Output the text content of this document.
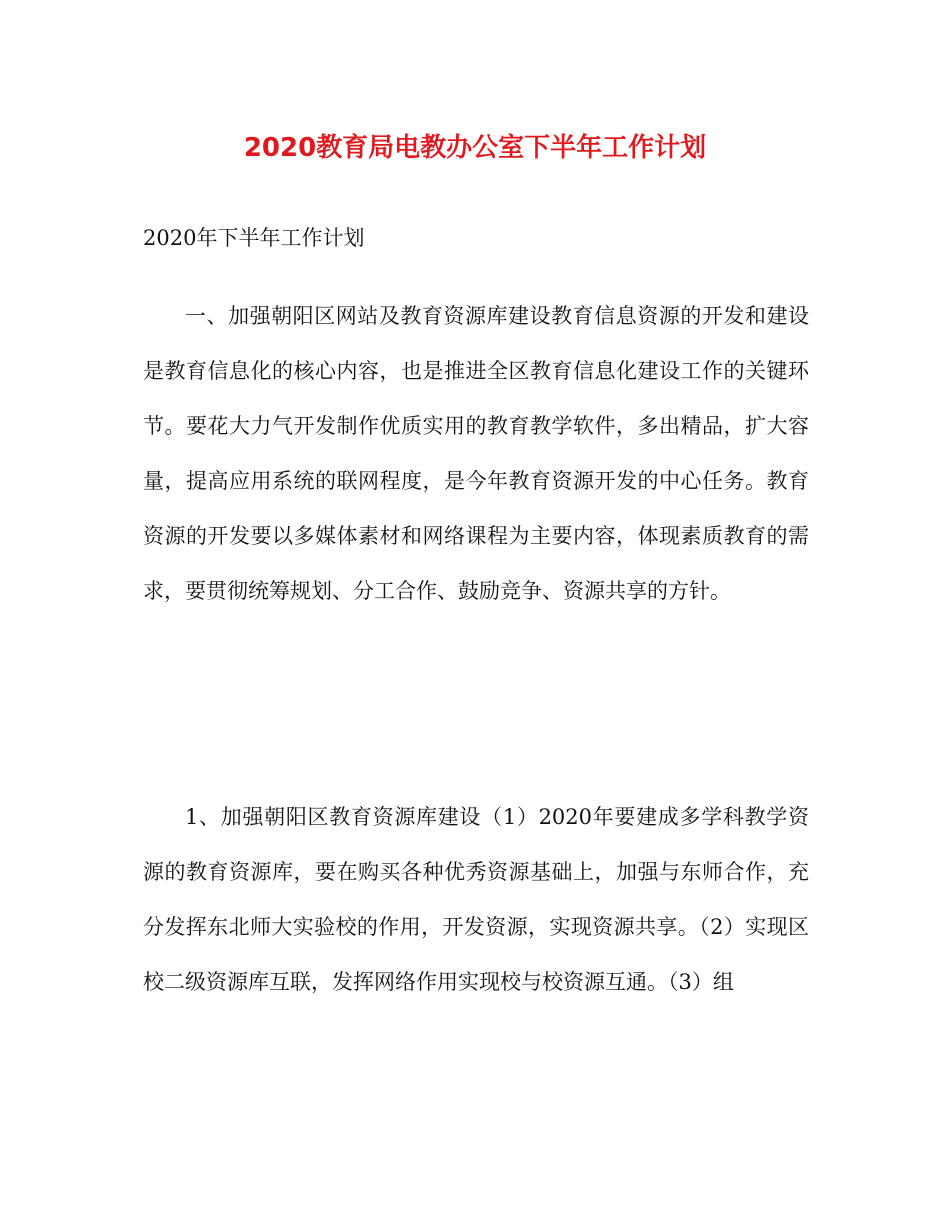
2020教育局电教办公室下半年工作计划

2020年下半年工作计划

一、加强朝阳区网站及教育资源库建设教育信息资源的开发和建设是教育信息化的核心内容，也是推进全区教育信息化建设工作的关键环节。要花大力气开发制作优质实用的教育教学软件，多出精品，扩大容量，提高应用系统的联网程度，是今年教育资源开发的中心任务。教育资源的开发要以多媒体素材和网络课程为主要内容，体现素质教育的需求，要贯彻统筹规划、分工合作、鼓励竞争、资源共享的方针。

1、加强朝阳区教育资源库建设（1）2020年要建成多学科教学资源的教育资源库，要在购买各种优秀资源基础上，加强与东师合作，充分发挥东北师大实验校的作用，开发资源，实现资源共享。（2）实现区校二级资源库互联，发挥网络作用实现校与校资源互通。（3）组
